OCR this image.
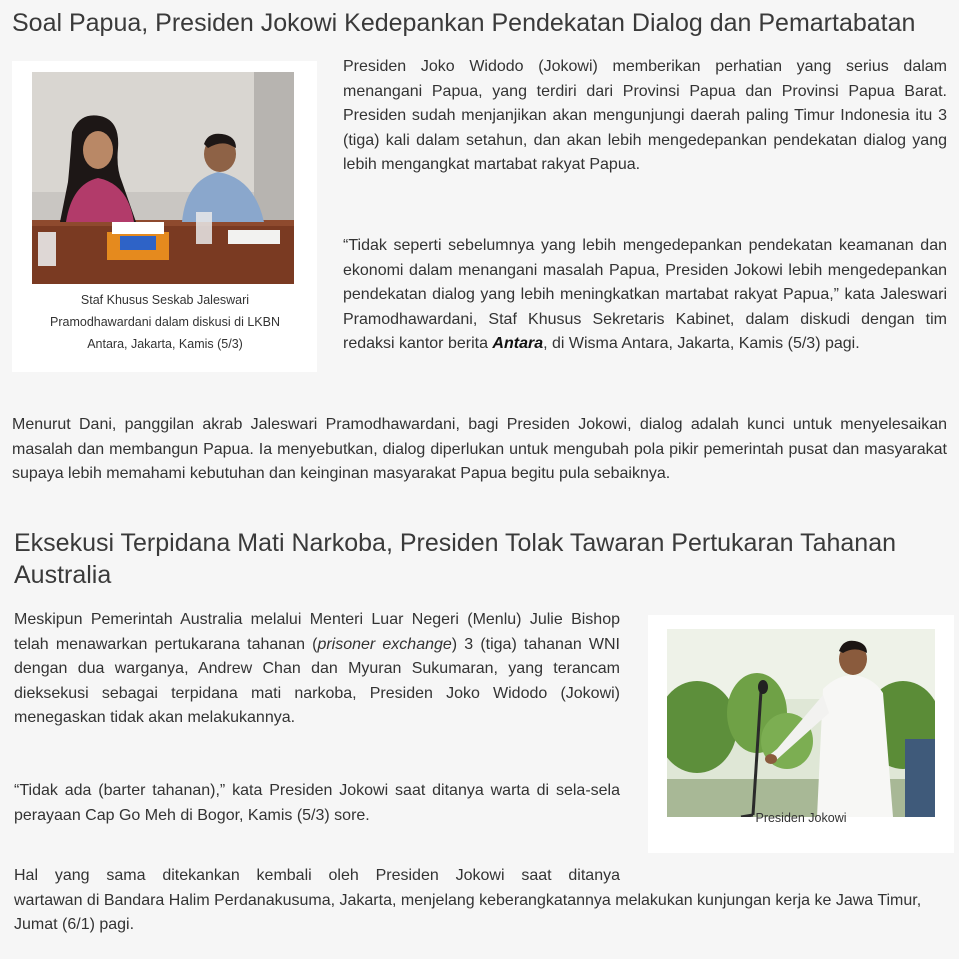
Soal Papua, Presiden Jokowi Kedepankan Pendekatan Dialog dan Pemartabatan

Staf Khusus Seskab Jaleswari Pramodhawardani dalam diskusi di LKBN Antara, Jakarta, Kamis (5/3)

Presiden Joko Widodo (Jokowi) memberikan perhatian yang serius dalam menangani Papua, yang terdiri dari Provinsi Papua dan Provinsi Papua Barat. Presiden sudah menjanjikan akan mengunjungi daerah paling Timur Indonesia itu 3 (tiga) kali dalam setahun, dan akan lebih mengedepankan pendekatan dialog yang lebih mengangkat martabat rakyat Papua.

“Tidak seperti sebelumnya yang lebih mengedepankan pendekatan keamanan dan ekonomi dalam menangani masalah Papua, Presiden Jokowi lebih mengedepankan pendekatan dialog yang lebih meningkatkan martabat rakyat Papua,” kata Jaleswari Pramodhawardani, Staf Khusus Sekretaris Kabinet, dalam diskudi dengan tim redaksi kantor berita Antara, di Wisma Antara, Jakarta, Kamis (5/3) pagi.

Menurut Dani, panggilan akrab Jaleswari Pramodhawardani, bagi Presiden Jokowi, dialog adalah kunci untuk menyelesaikan masalah dan membangun Papua. Ia menyebutkan, dialog diperlukan untuk mengubah pola pikir pemerintah pusat dan masyarakat supaya lebih memahami kebutuhan dan keinginan masyarakat Papua begitu pula sebaiknya.

Eksekusi Terpidana Mati Narkoba, Presiden Tolak Tawaran Pertukaran Tahanan Australia

Presiden Jokowi

Meskipun Pemerintah Australia melalui Menteri Luar Negeri (Menlu) Julie Bishop telah menawarkan pertukarana tahanan (prisoner exchange) 3 (tiga) tahanan WNI dengan dua warganya, Andrew Chan dan Myuran Sukumaran, yang terancam dieksekusi sebagai terpidana mati narkoba, Presiden Joko Widodo (Jokowi) menegaskan tidak akan melakukannya.

“Tidak ada (barter tahanan),” kata Presiden Jokowi saat ditanya warta di sela-sela perayaan Cap Go Meh di Bogor, Kamis (5/3) sore.

Hal yang sama ditekankan kembali oleh Presiden Jokowi saat ditanya
wartawan di Bandara Halim Perdanakusuma, Jakarta, menjelang keberangkatannya melakukan kunjungan kerja ke Jawa Timur, Jumat (6/1) pagi.
